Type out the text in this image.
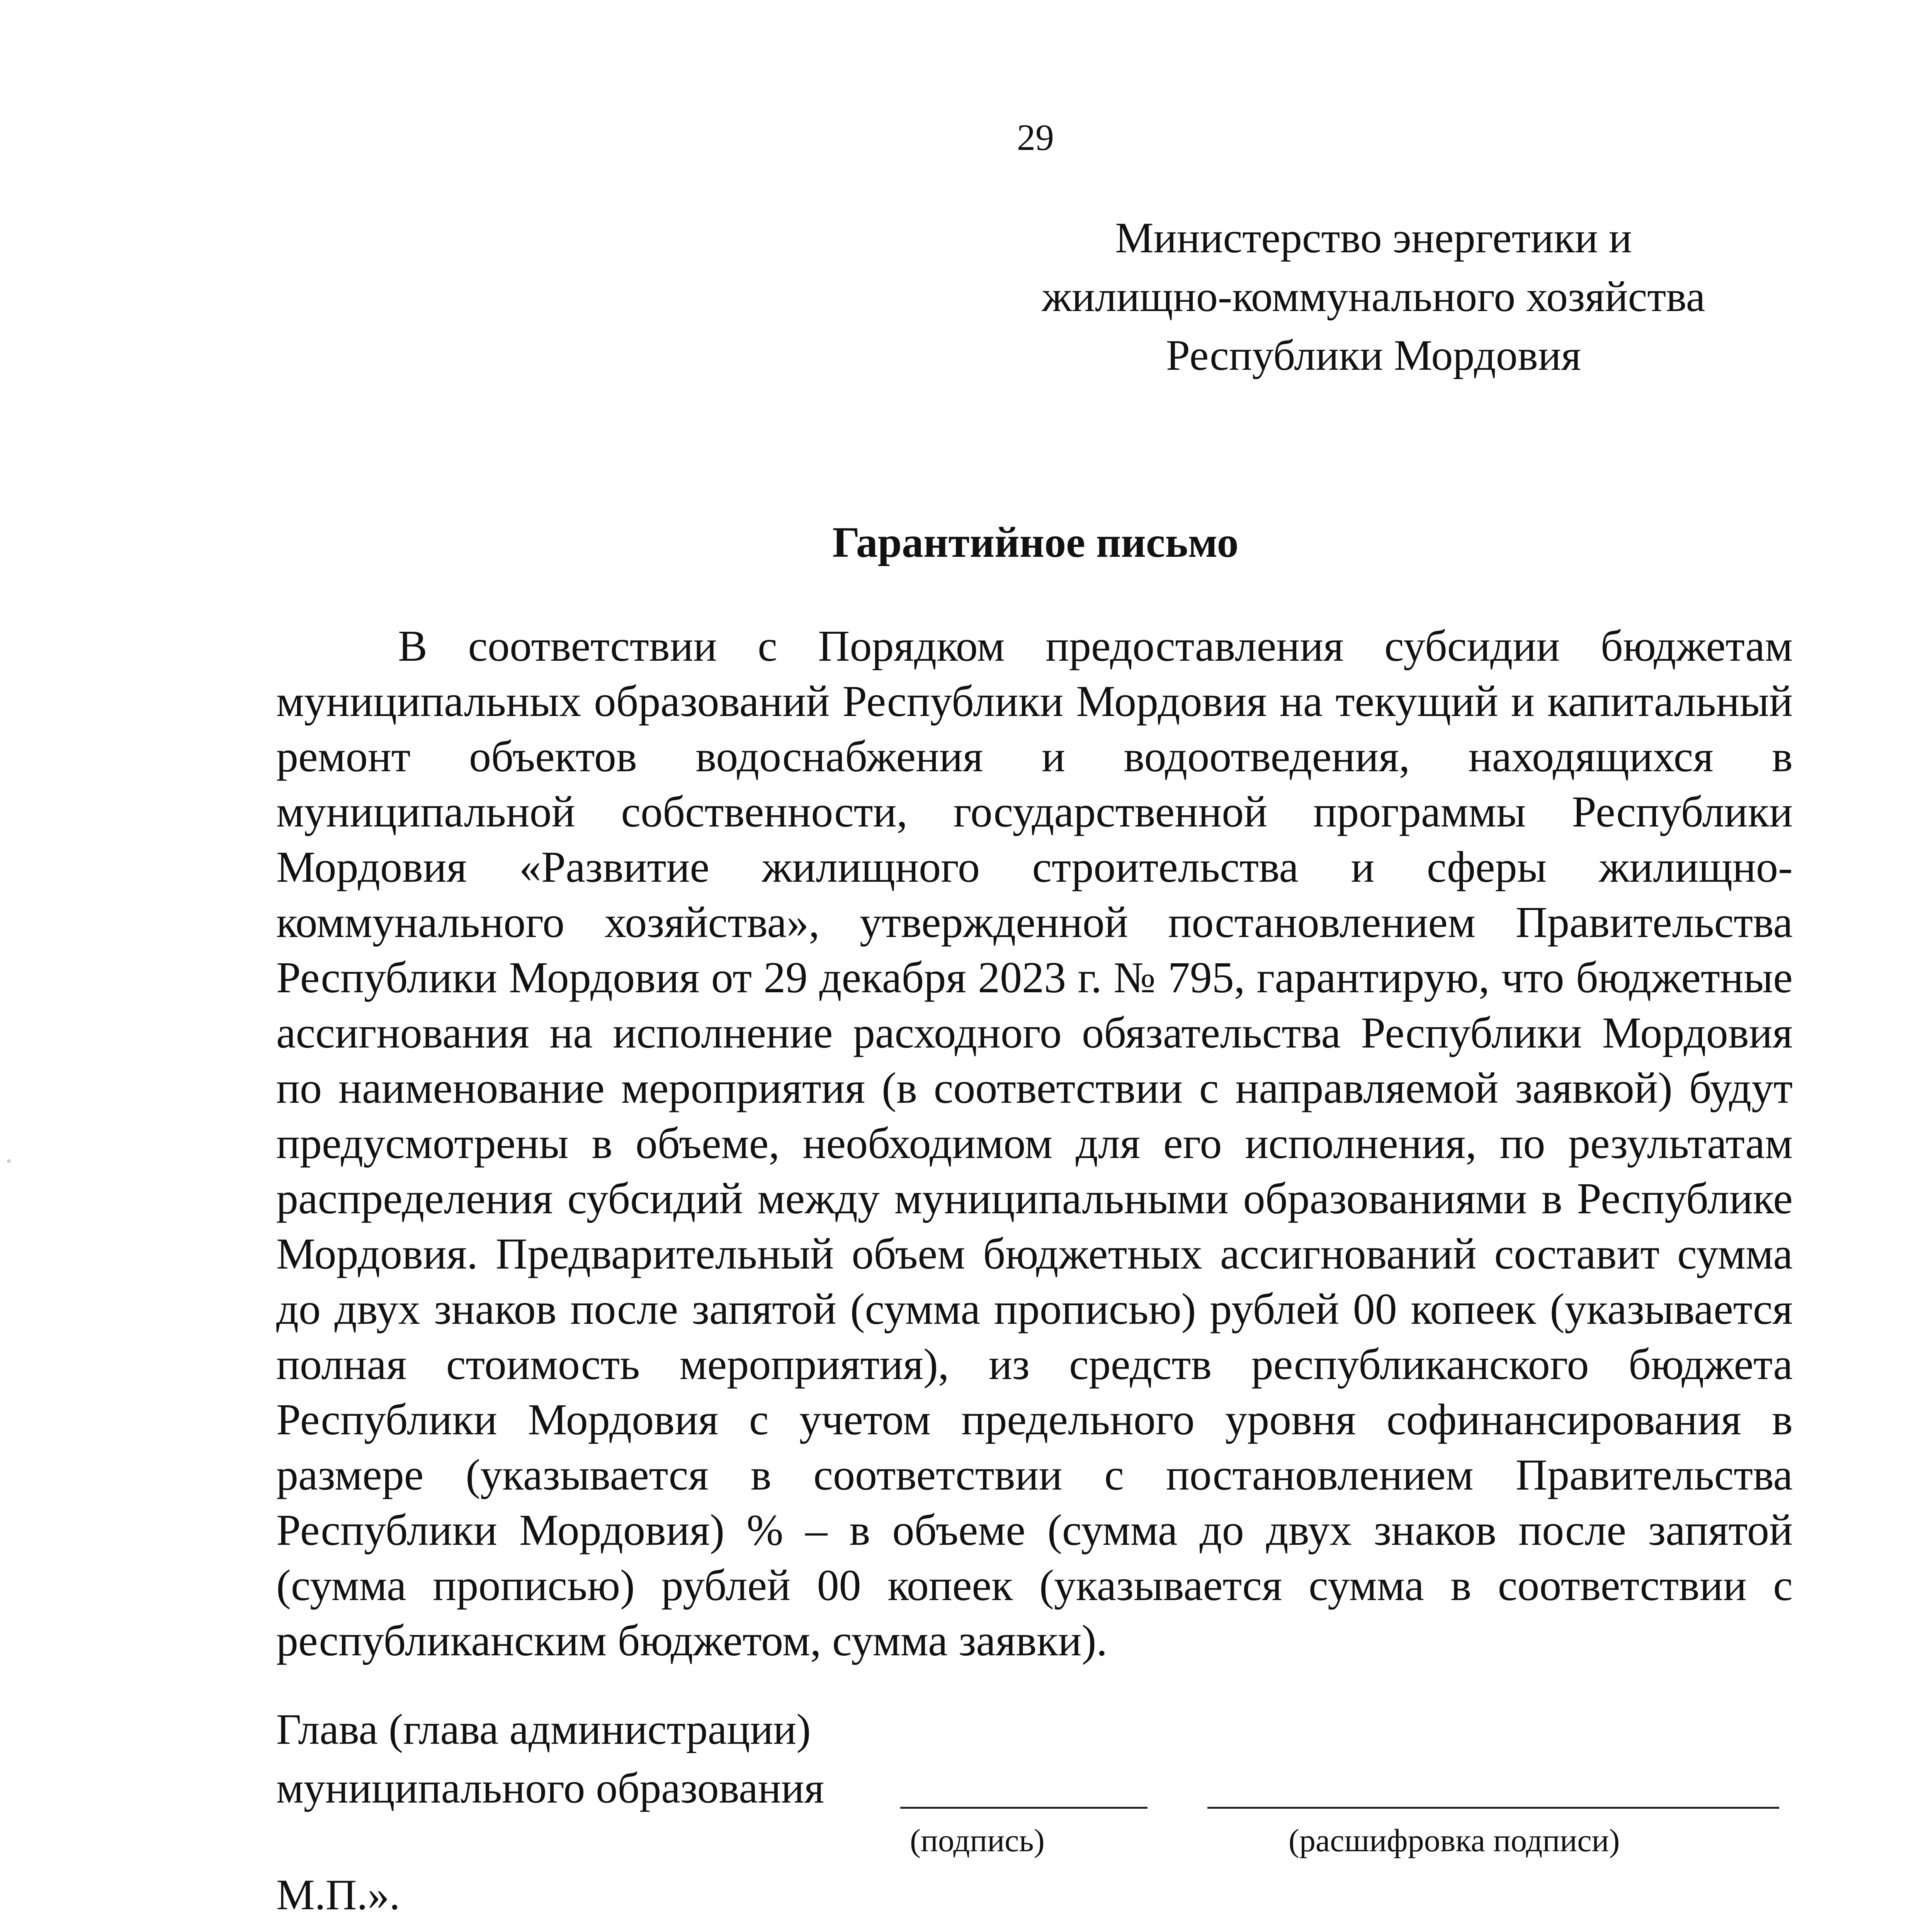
29
Министерство энергетики и
жилищно-коммунального хозяйства
Республики Мордовия
Гарантийное письмо

В соответствии с Порядком предоставления субсидии бюджетам муниципальных образований Республики Мордовия на текущий и капитальный ремонт объектов водоснабжения и водоотведения, находящихся в муниципальной собственности, государственной программы Республики Мордовия «Развитие жилищного строительства и сферы жилищно-коммунального хозяйства», утвержденной постановлением Правительства Республики Мордовия от 29 декабря 2023 г. № 795, гарантирую, что бюджетные ассигнования на исполнение расходного обязательства Республики Мордовия по наименование мероприятия (в соответствии с направляемой заявкой) будут предусмотрены в объеме, необходимом для его исполнения, по результатам распределения субсидий между муниципальными образованиями в Республике Мордовия. Предварительный объем бюджетных ассигнований составит сумма до двух знаков после запятой (сумма прописью) рублей 00 копеек (указывается полная стоимость мероприятия), из средств республиканского бюджета Республики Мордовия с учетом предельного уровня софинансирования в размере (указывается в соответствии с постановлением Правительства Республики Мордовия) % – в объеме (сумма до двух знаков после запятой (сумма прописью) рублей 00 копеек (указывается сумма в соответствии с республиканским бюджетом, сумма заявки).

Глава (глава администрации)
муниципального образования
(подпись)	(расшифровка подписи)
М.П.».
